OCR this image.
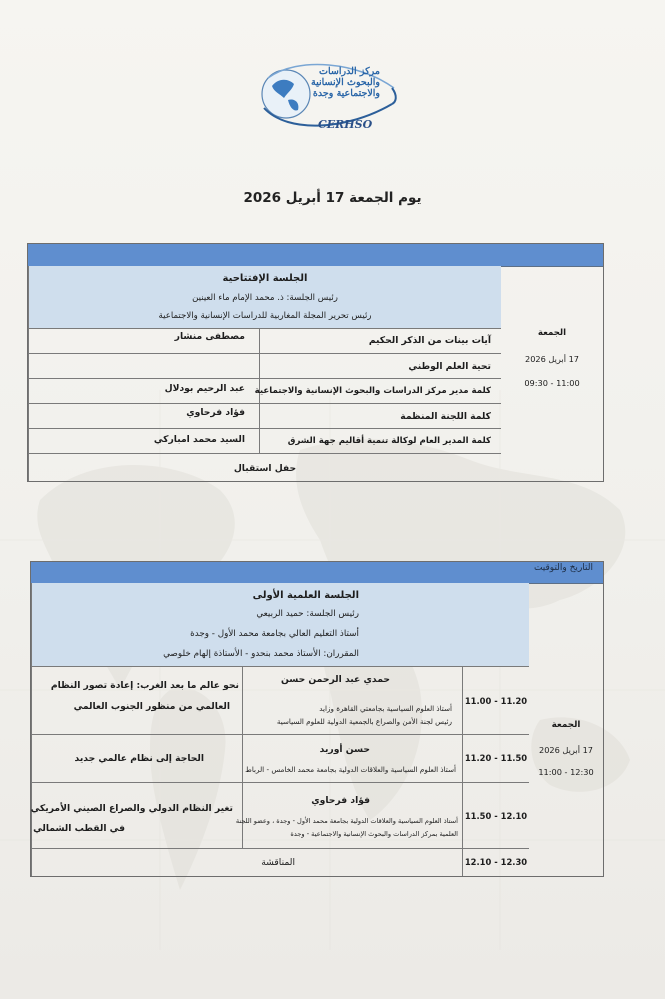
مركز الدراسات
والبحوث الإنسانية
والاجتماعية وجدة
CERHSO
يوم الجمعة 17 أبريل 2026
الجمعة
17 أبريل 2026
09:30 - 11:00
الجلسة الإفتتاحية
رئيس الجلسة: ذ. محمد الإمام ماء العينين
رئيس تحرير المجلة المغاربية للدراسات الإنسانية والاجتماعية
آيات بينات من الذكر الحكيم
مصطفى منشار
تحية العلم الوطني
كلمة مدير مركز الدراسات والبحوث الإنسانية والاجتماعية
عبد الرحيم بودلال
كلمة اللجنة المنظمة
فؤاد فرحاوي
كلمة المدير العام لوكالة تنمية أقاليم جهة الشرق
السيد محمد امباركي
حفل استقبال
التاريخ والتوقيت
الجمعة
17 أبريل 2026
11:00 - 12:30
الجلسة العلمية الأولى
رئيس الجلسة: حميد الربيعي
أستاذ التعليم العالي بجامعة محمد الأول - وجدة
المقرران: الأستاذ محمد بنحدو - الأستاذة إلهام خلوصي
11.00 - 11.20
حمدي عبد الرحمن حسن
أستاذ العلوم السياسية بجامعتي القاهرة وزايد
رئيس لجنة الأمن والصراع بالجمعية الدولية للعلوم السياسية
نحو عالم ما بعد الغرب: إعادة تصور النظام
العالمي من منظور الجنوب العالمي
11.20 - 11.50
حسن أوريد
أستاذ العلوم السياسية والعلاقات الدولية بجامعة محمد الخامس - الرباط
الحاجة إلى نظام عالمي جديد
11.50 - 12.10
فؤاد فرحاوي
أستاذ العلوم السياسية والعلاقات الدولية بجامعة محمد الأول - وجدة ، وعضو اللجنة
العلمية بمركز الدراسات والبحوث الإنسانية والاجتماعية - وجدة
تغير النظام الدولي والصراع الصيني الأمريكي
في القطب الشمالي
12.10 - 12.30
المناقشة
